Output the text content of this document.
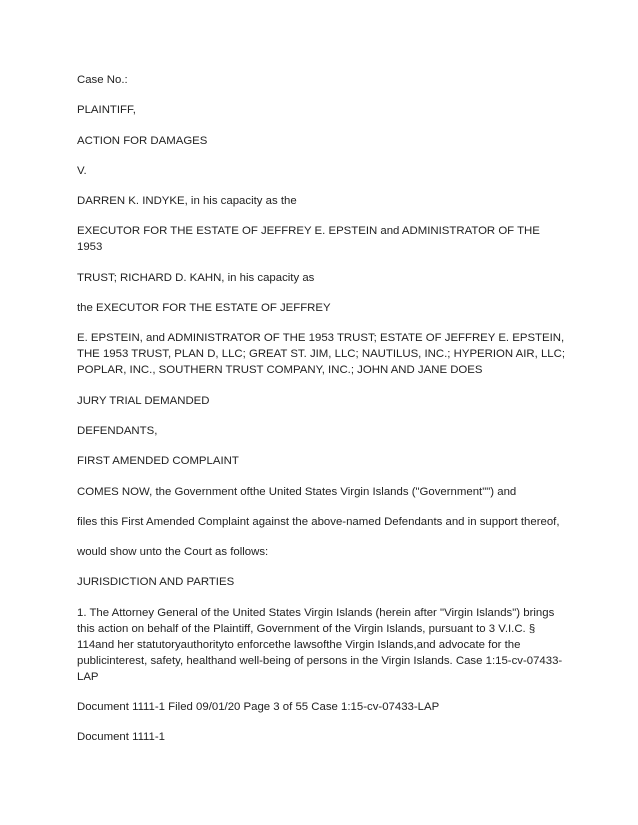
Case No.:

PLAINTIFF,

ACTION FOR DAMAGES

V.

DARREN K. INDYKE, in his capacity as the

EXECUTOR FOR THE ESTATE OF JEFFREY E. EPSTEIN and ADMINISTRATOR OF THE 1953

TRUST; RICHARD D. KAHN, in his capacity as

the EXECUTOR FOR THE ESTATE OF JEFFREY

E. EPSTEIN, and ADMINISTRATOR OF THE 1953 TRUST; ESTATE OF JEFFREY E. EPSTEIN, THE 1953 TRUST, PLAN D, LLC; GREAT ST. JIM, LLC; NAUTILUS, INC.; HYPERION AIR, LLC; POPLAR, INC., SOUTHERN TRUST COMPANY, INC.; JOHN AND JANE DOES

JURY TRIAL DEMANDED

DEFENDANTS,

FIRST AMENDED COMPLAINT

COMES NOW, the Government ofthe United States Virgin Islands ("Government"") and

files this First Amended Complaint against the above-named Defendants and in support thereof,

would show unto the Court as follows:

JURISDICTION AND PARTIES

1. The Attorney General of the United States Virgin Islands (herein after "Virgin Islands") brings this action on behalf of the Plaintiff, Government of the Virgin Islands, pursuant to 3 V.I.C. § 114and her statutoryauthorityto enforcethe lawsofthe Virgin Islands,and advocate for the publicinterest, safety, healthand well-being of persons in the Virgin Islands. Case 1:15-cv-07433-LAP

Document 1111-1 Filed 09/01/20 Page 3 of 55 Case 1:15-cv-07433-LAP

Document 1111-1
